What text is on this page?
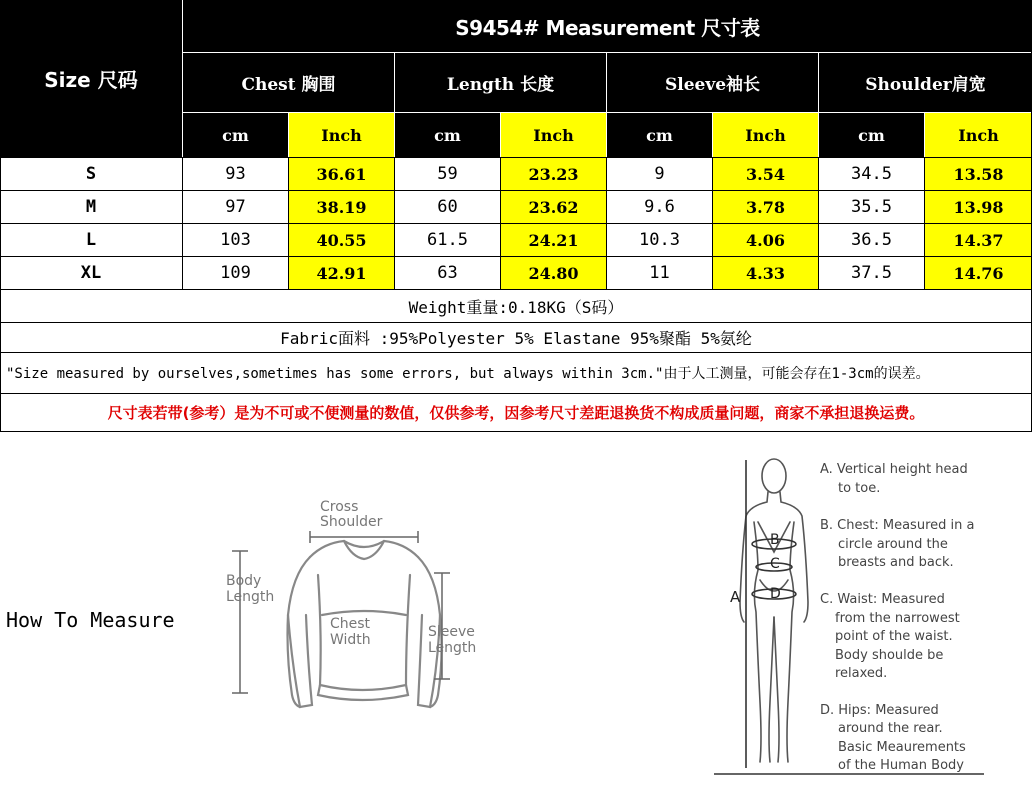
Size 尺码
S9454# Measurement 尺寸表
Chest 胸围	Length 长度	Sleeve袖长	Shoulder肩宽
cm	Inch	cm	Inch	cm	Inch	cm	Inch
S	93	36.61	59	23.23	9	3.54	34.5	13.58
M	97	38.19	60	23.62	9.6	3.78	35.5	13.98
L	103	40.55	61.5	24.21	10.3	4.06	36.5	14.37
XL	109	42.91	63	24.80	11	4.33	37.5	14.76
Weight重量:0.18KG（S码）
Fabric面料 :95%Polyester 5% Elastane 95%聚酯 5%氨纶
"Size measured by ourselves,sometimes has some errors, but always within 3cm."由于人工测量，可能会存在1-3cm的误差。
尺寸表若带(参考）是为不可或不便测量的数值，仅供参考，因参考尺寸差距退换货不构成质量问题，商家不承担退换运费。
How To Measure
Cross
Shoulder
Body
Length
Chest
Width	Sleeve
Length
B
C
D
A
A. Vertical height head
to toe.
B. Chest: Measured in a
circle around the
breasts and back.
C. Waist: Measured
from the narrowest
point of the waist.
Body shoulde be
relaxed.
D. Hips: Measured
around the rear.
Basic Meaurements
of the Human Body
